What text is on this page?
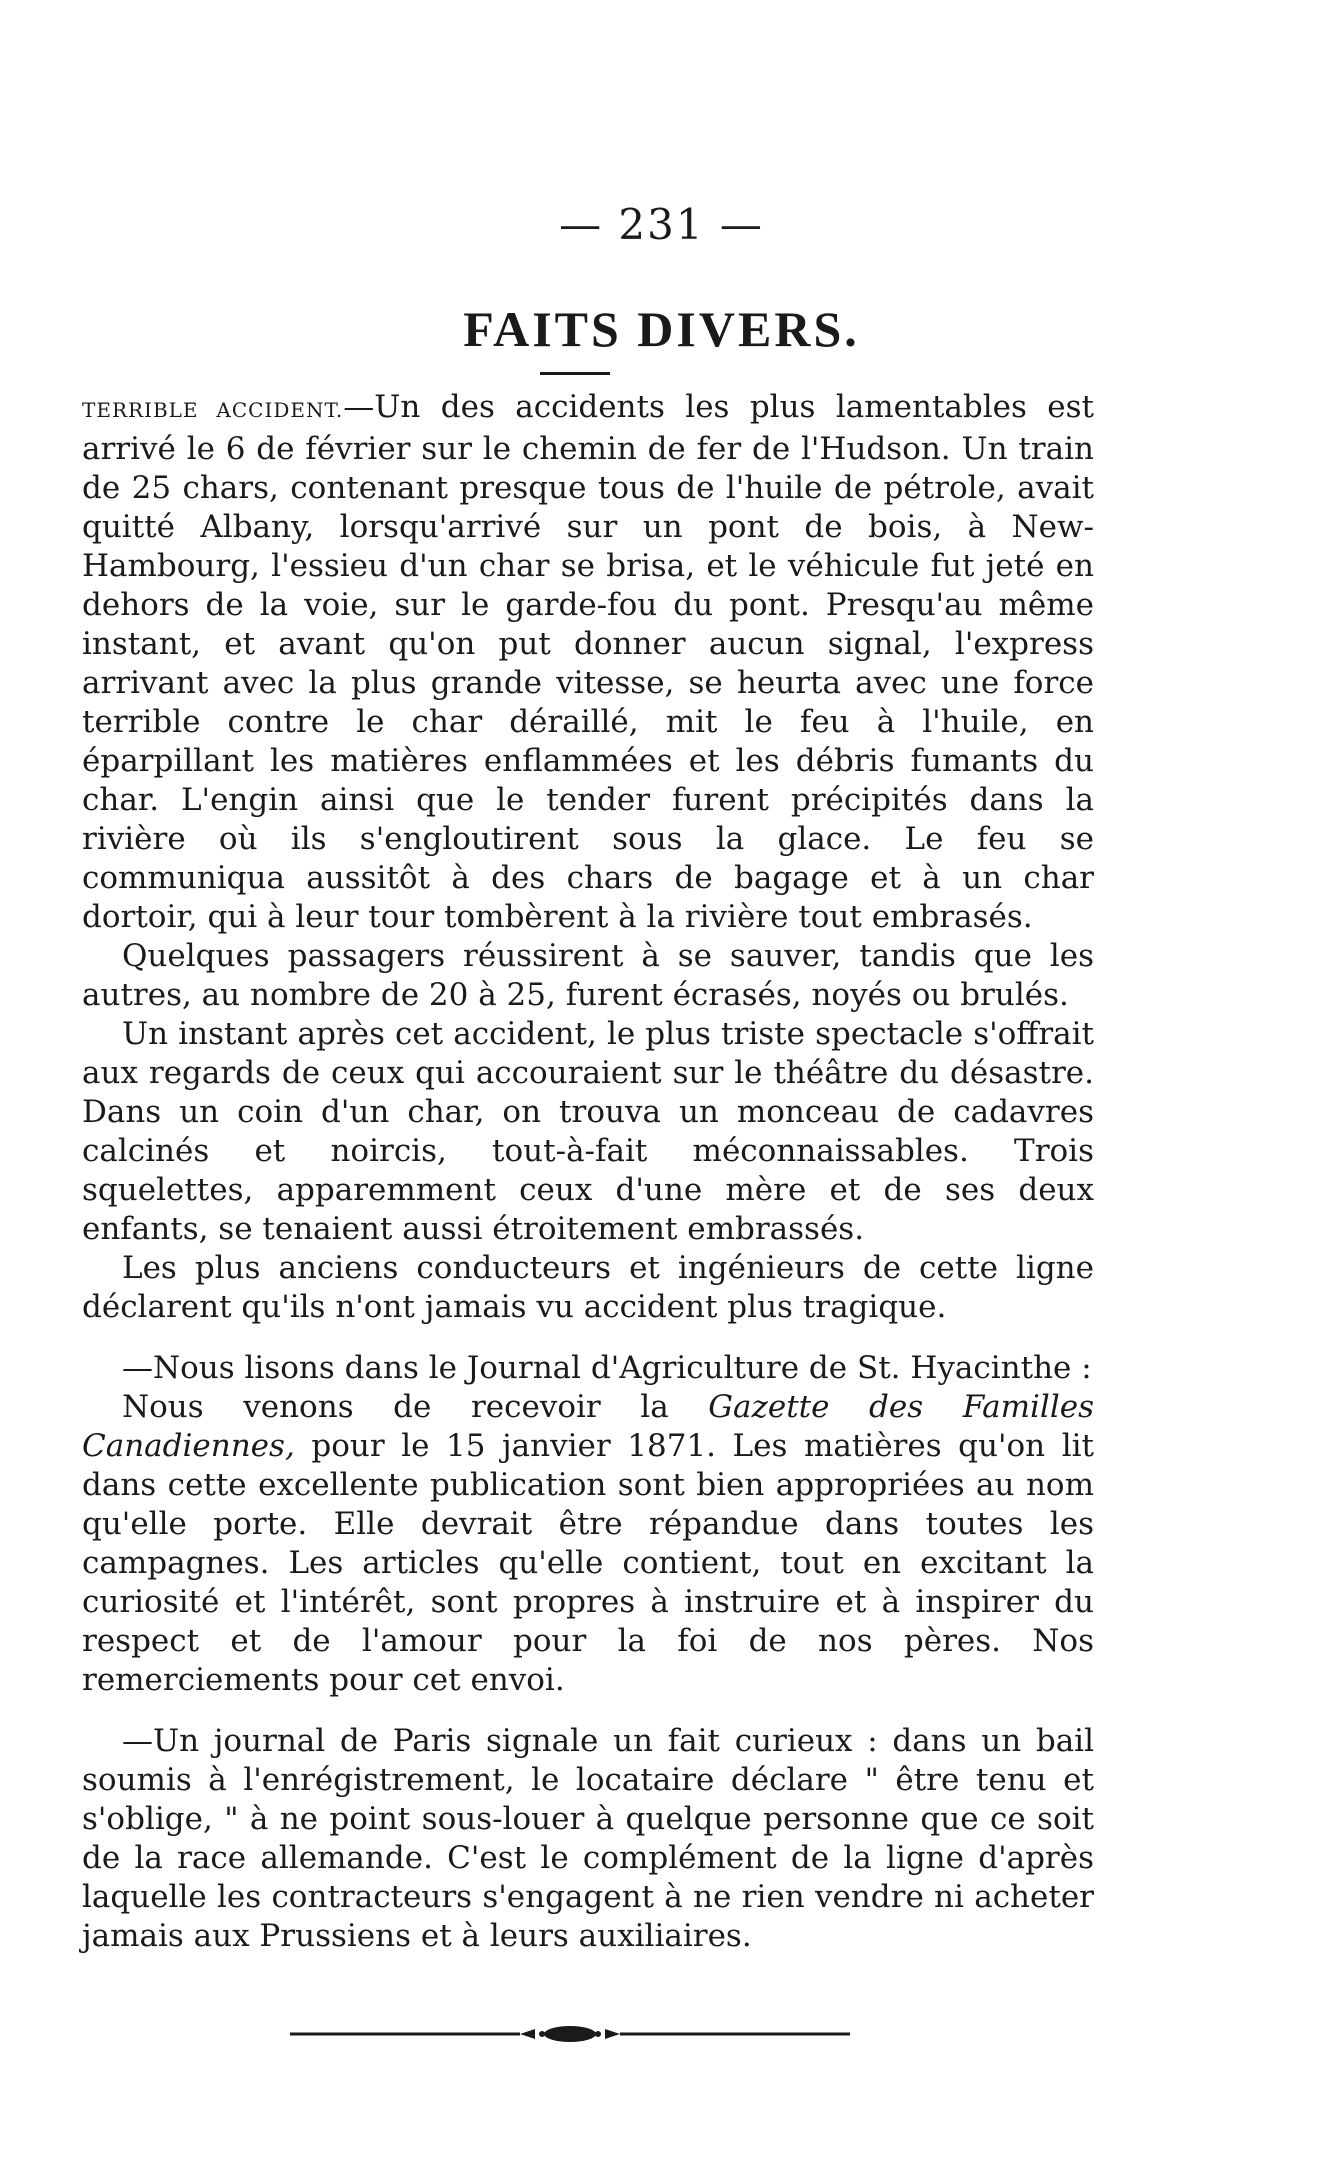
— 231 —
FAITS DIVERS.

TERRIBLE ACCIDENT.—Un des accidents les plus lamentables est arrivé le 6 de février sur le chemin de fer de l'Hudson. Un train de 25 chars, contenant presque tous de l'huile de pétrole, avait quitté Albany, lorsqu'arrivé sur un pont de bois, à New-Hambourg, l'essieu d'un char se brisa, et le véhicule fut jeté en dehors de la voie, sur le garde-fou du pont. Presqu'au même instant, et avant qu'on put donner aucun signal, l'express arrivant avec la plus grande vitesse, se heurta avec une force terrible contre le char déraillé, mit le feu à l'huile, en éparpillant les matières enflammées et les débris fumants du char. L'engin ainsi que le tender furent précipités dans la rivière où ils s'engloutirent sous la glace. Le feu se communiqua aussitôt à des chars de bagage et à un char dortoir, qui à leur tour tombèrent à la rivière tout embrasés.

Quelques passagers réussirent à se sauver, tandis que les autres, au nombre de 20 à 25, furent écrasés, noyés ou brulés.

Un instant après cet accident, le plus triste spectacle s'offrait aux regards de ceux qui accouraient sur le théâtre du désastre. Dans un coin d'un char, on trouva un monceau de cadavres calcinés et noircis, tout-à-fait méconnaissables. Trois squelettes, apparemment ceux d'une mère et de ses deux enfants, se tenaient aussi étroitement embrassés.

Les plus anciens conducteurs et ingénieurs de cette ligne déclarent qu'ils n'ont jamais vu accident plus tragique.

—Nous lisons dans le Journal d'Agriculture de St. Hyacinthe :

Nous venons de recevoir la Gazette des Familles Canadiennes, pour le 15 janvier 1871. Les matières qu'on lit dans cette excellente publication sont bien appropriées au nom qu'elle porte. Elle devrait être répandue dans toutes les campagnes. Les articles qu'elle contient, tout en excitant la curiosité et l'intérêt, sont propres à instruire et à inspirer du respect et de l'amour pour la foi de nos pères. Nos remerciements pour cet envoi.

—Un journal de Paris signale un fait curieux : dans un bail soumis à l'enrégistrement, le locataire déclare " être tenu et s'oblige, " à ne point sous-louer à quelque personne que ce soit de la race allemande. C'est le complément de la ligne d'après laquelle les contracteurs s'engagent à ne rien vendre ni acheter jamais aux Prussiens et à leurs auxiliaires.
